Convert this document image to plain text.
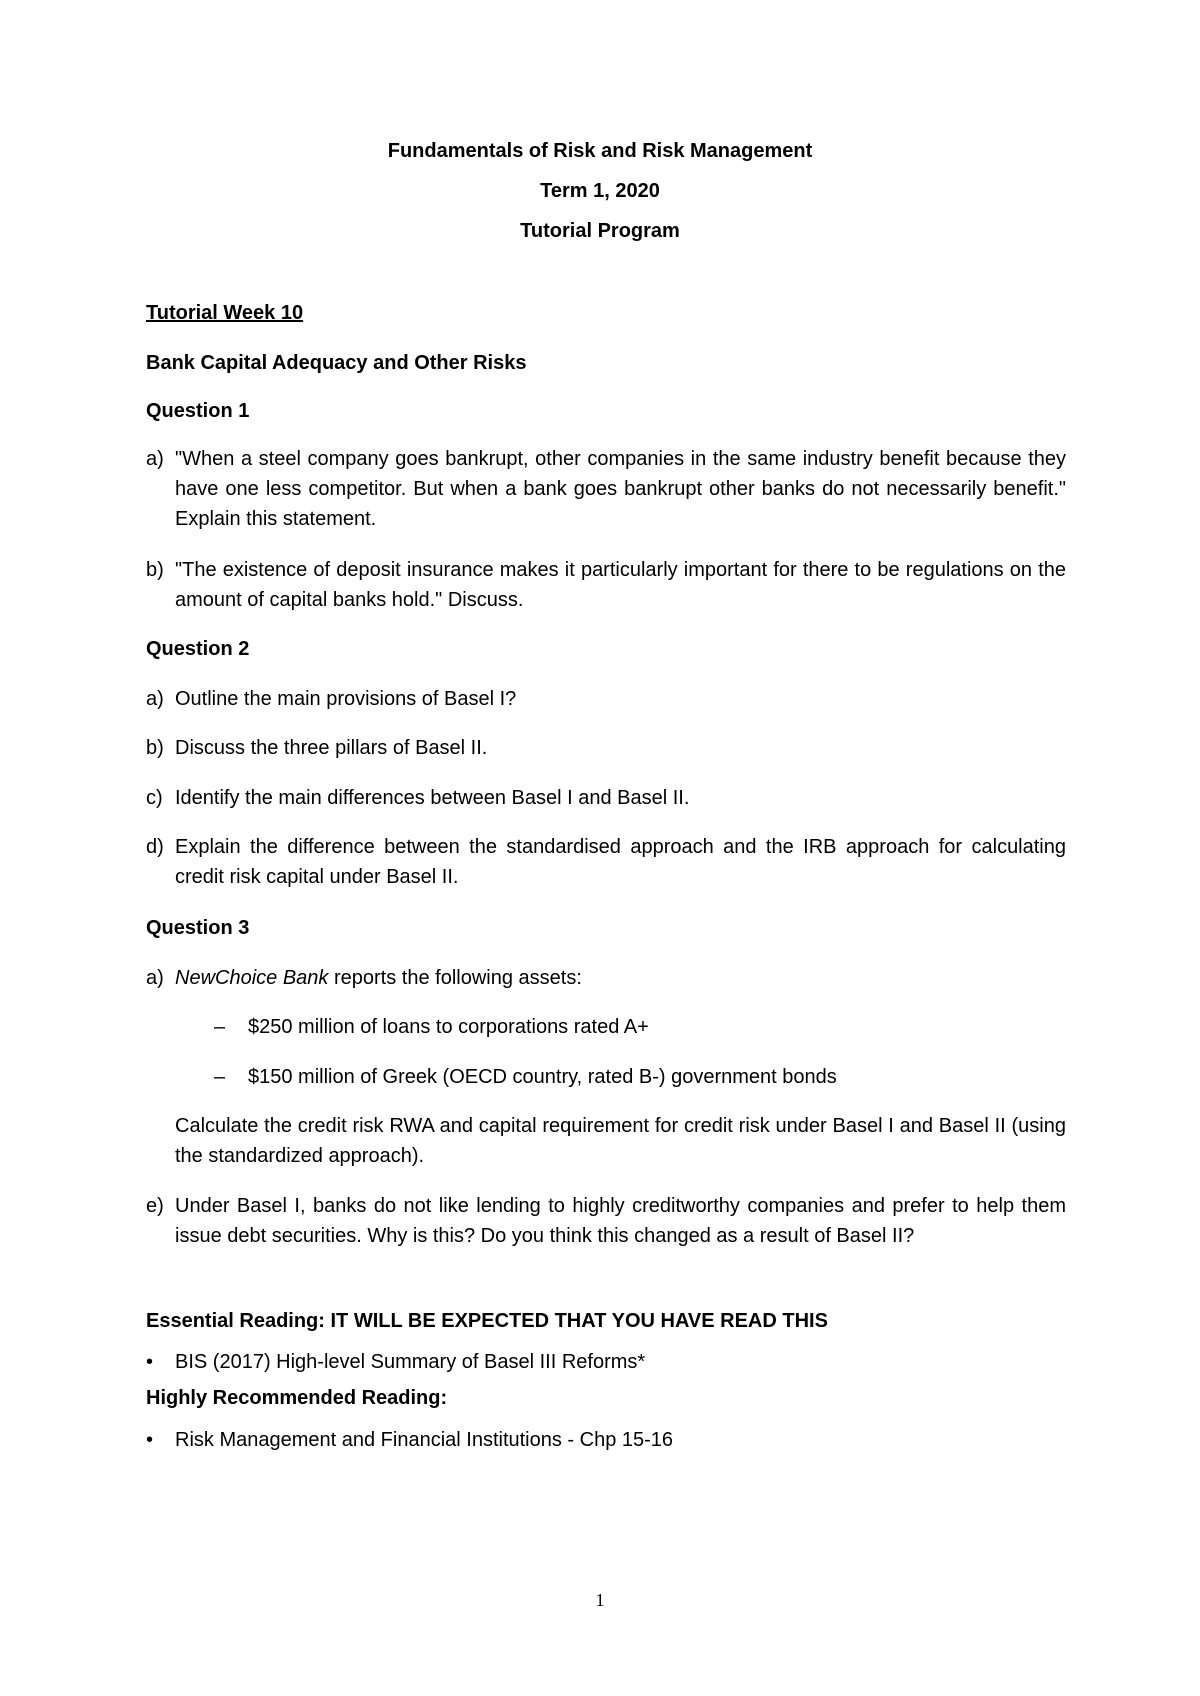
Fundamentals of Risk and Risk Management
Term 1, 2020
Tutorial Program
Tutorial Week 10
Bank Capital Adequacy and Other Risks
Question 1
a) "When a steel company goes bankrupt, other companies in the same industry benefit because they have one less competitor. But when a bank goes bankrupt other banks do not necessarily benefit." Explain this statement.
b) "The existence of deposit insurance makes it particularly important for there to be regulations on the amount of capital banks hold." Discuss.
Question 2
a) Outline the main provisions of Basel I?
b) Discuss the three pillars of Basel II.
c) Identify the main differences between Basel I and Basel II.
d) Explain the difference between the standardised approach and the IRB approach for calculating credit risk capital under Basel II.
Question 3
a) NewChoice Bank reports the following assets:
– $250 million of loans to corporations rated A+
– $150 million of Greek (OECD country, rated B-) government bonds
Calculate the credit risk RWA and capital requirement for credit risk under Basel I and Basel II (using the standardized approach).
e) Under Basel I, banks do not like lending to highly creditworthy companies and prefer to help them issue debt securities. Why is this? Do you think this changed as a result of Basel II?
Essential Reading: IT WILL BE EXPECTED THAT YOU HAVE READ THIS
• BIS (2017) High-level Summary of Basel III Reforms*
Highly Recommended Reading:
• Risk Management and Financial Institutions - Chp 15-16
1
